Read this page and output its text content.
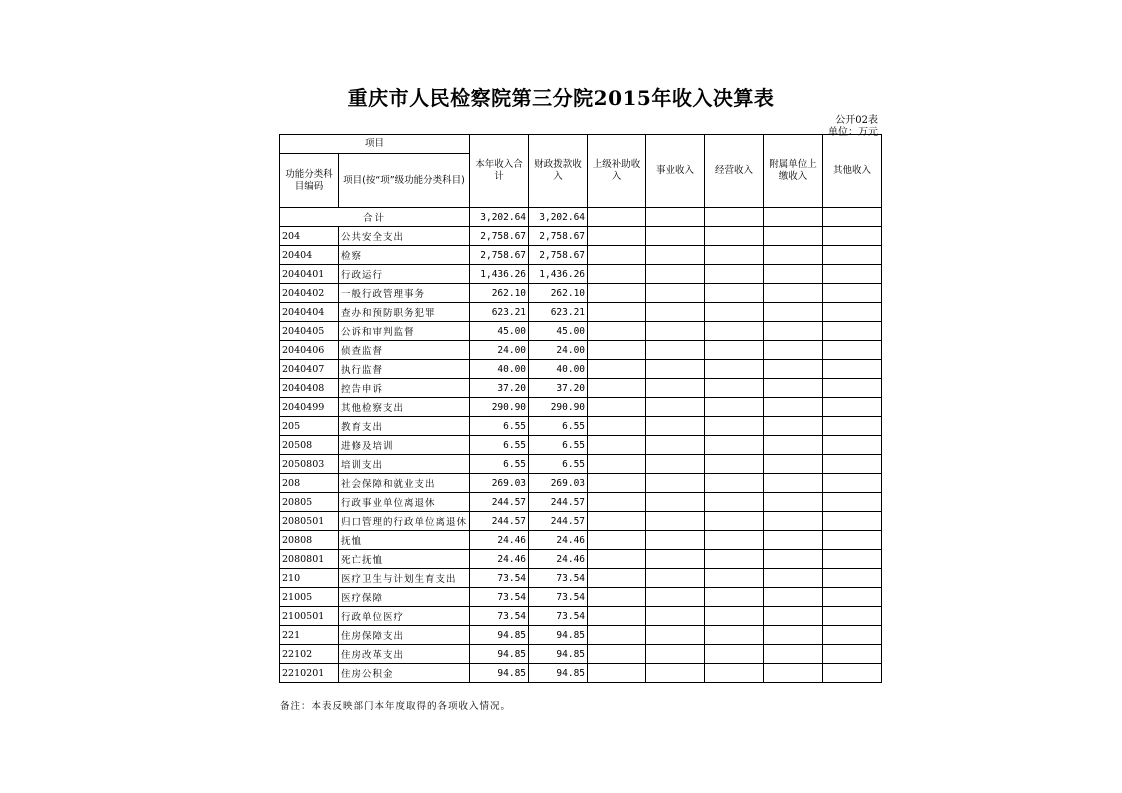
重庆市人民检察院第三分院2015年收入决算表
公开02表
单位：万元
项目		本年收入合计	财政拨款收入	上级补助收入	事业收入	经营收入	附属单位上缴收入	其他收入
功能分类科目编码	项目(按“项”级功能分类科目)							
合计		3,202.64	3,202.64					
204	公共安全支出	2,758.67	2,758.67					
20404	检察	2,758.67	2,758.67					
2040401	行政运行	1,436.26	1,436.26					
2040402	一般行政管理事务	262.10	262.10					
2040404	查办和预防职务犯罪	623.21	623.21					
2040405	公诉和审判监督	45.00	45.00					
2040406	侦查监督	24.00	24.00					
2040407	执行监督	40.00	40.00					
2040408	控告申诉	37.20	37.20					
2040499	其他检察支出	290.90	290.90					
205	教育支出	6.55	6.55					
20508	进修及培训	6.55	6.55					
2050803	培训支出	6.55	6.55					
208	社会保障和就业支出	269.03	269.03					
20805	行政事业单位离退休	244.57	244.57					
2080501	归口管理的行政单位离退休	244.57	244.57					
20808	抚恤	24.46	24.46					
2080801	死亡抚恤	24.46	24.46					
210	医疗卫生与计划生育支出	73.54	73.54					
21005	医疗保障	73.54	73.54					
2100501	行政单位医疗	73.54	73.54					
221	住房保障支出	94.85	94.85					
22102	住房改革支出	94.85	94.85					
2210201	住房公积金	94.85	94.85					
备注：本表反映部门本年度取得的各项收入情况。
